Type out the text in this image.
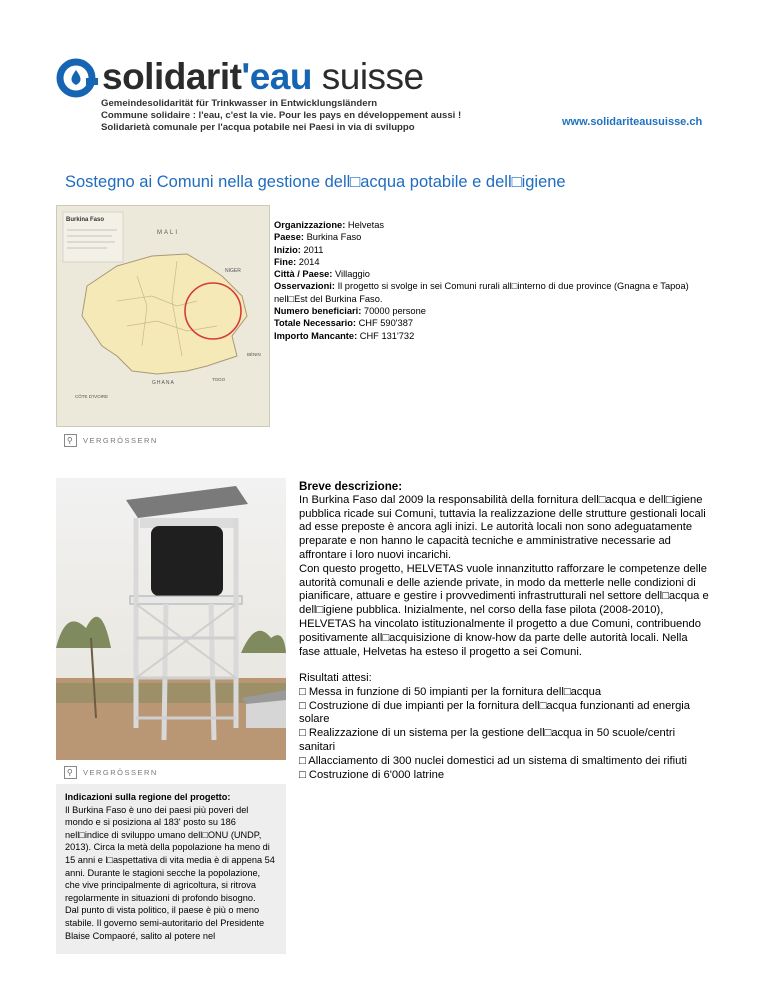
solidarit'eau suisse
Gemeindesolidarität für Trinkwasser in Entwicklungsländern
Commune solidaire : l'eau, c'est la vie. Pour les pays en développement aussi !
Solidarietà comunale per l'acqua potabile nei Paesi in via di sviluppo	www.solidariteausuisse.ch
Sostegno ai Comuni nella gestione dell□acqua potabile e dell□igiene
Burkina Faso
MALI
NIGER
BÉNIN
TOGO
GHANA
CÔTE D'IVOIRE
⚲	VERGRÖSSERN
Organizzazione: Helvetas
Paese: Burkina Faso
Inizio: 2011
Fine: 2014
Città / Paese: Villaggio
Osservazioni: Il progetto si svolge in sei Comuni rurali all□interno di due province (Gnagna e Tapoa) nell□Est del Burkina Faso.
Numero beneficiari: 70000 persone
Totale Necessario: CHF 590'387
Importo Mancante: CHF 131'732
⚲	VERGRÖSSERN
Indicazioni sulla regione del progetto:
Il Burkina Faso è uno dei paesi più poveri del mondo e si posiziona al 183' posto su 186 nell□indice di sviluppo umano dell□ONU (UNDP, 2013). Circa la metà della popolazione ha meno di 15 anni e l□aspettativa di vita media è di appena 54 anni. Durante le stagioni secche la popolazione, che vive principalmente di agricoltura, si ritrova regolarmente in situazioni di profondo bisogno.
Dal punto di vista politico, il paese è più o meno stabile. Il governo semi-autoritario del Presidente Blaise Compaoré, salito al potere nel
Breve descrizione:
In Burkina Faso dal 2009 la responsabilità della fornitura dell□acqua e dell□igiene pubblica ricade sui Comuni, tuttavia la realizzazione delle strutture gestionali locali ad esse preposte è ancora agli inizi. Le autorità locali non sono adeguatamente preparate e non hanno le capacità tecniche e amministrative necessarie ad affrontare i loro nuovi incarichi.
Con questo progetto, HELVETAS vuole innanzitutto rafforzare le competenze delle autorità comunali e delle aziende private, in modo da metterle nelle condizioni di pianificare, attuare e gestire i provvedimenti infrastrutturali nel settore dell□acqua e dell□igiene pubblica. Inizialmente, nel corso della fase pilota (2008-2010), HELVETAS ha vincolato istituzionalmente il progetto a due Comuni, contribuendo positivamente all□acquisizione di know-how da parte delle autorità locali. Nella fase attuale, Helvetas ha esteso il progetto a sei Comuni.
Risultati attesi:
□ Messa in funzione di 50 impianti per la fornitura dell□acqua
□ Costruzione di due impianti per la fornitura dell□acqua funzionanti ad energia solare
□ Realizzazione di un sistema per la gestione dell□acqua in 50 scuole/centri sanitari
□ Allacciamento di 300 nuclei domestici ad un sistema di smaltimento dei rifiuti
□ Costruzione di 6'000 latrine
